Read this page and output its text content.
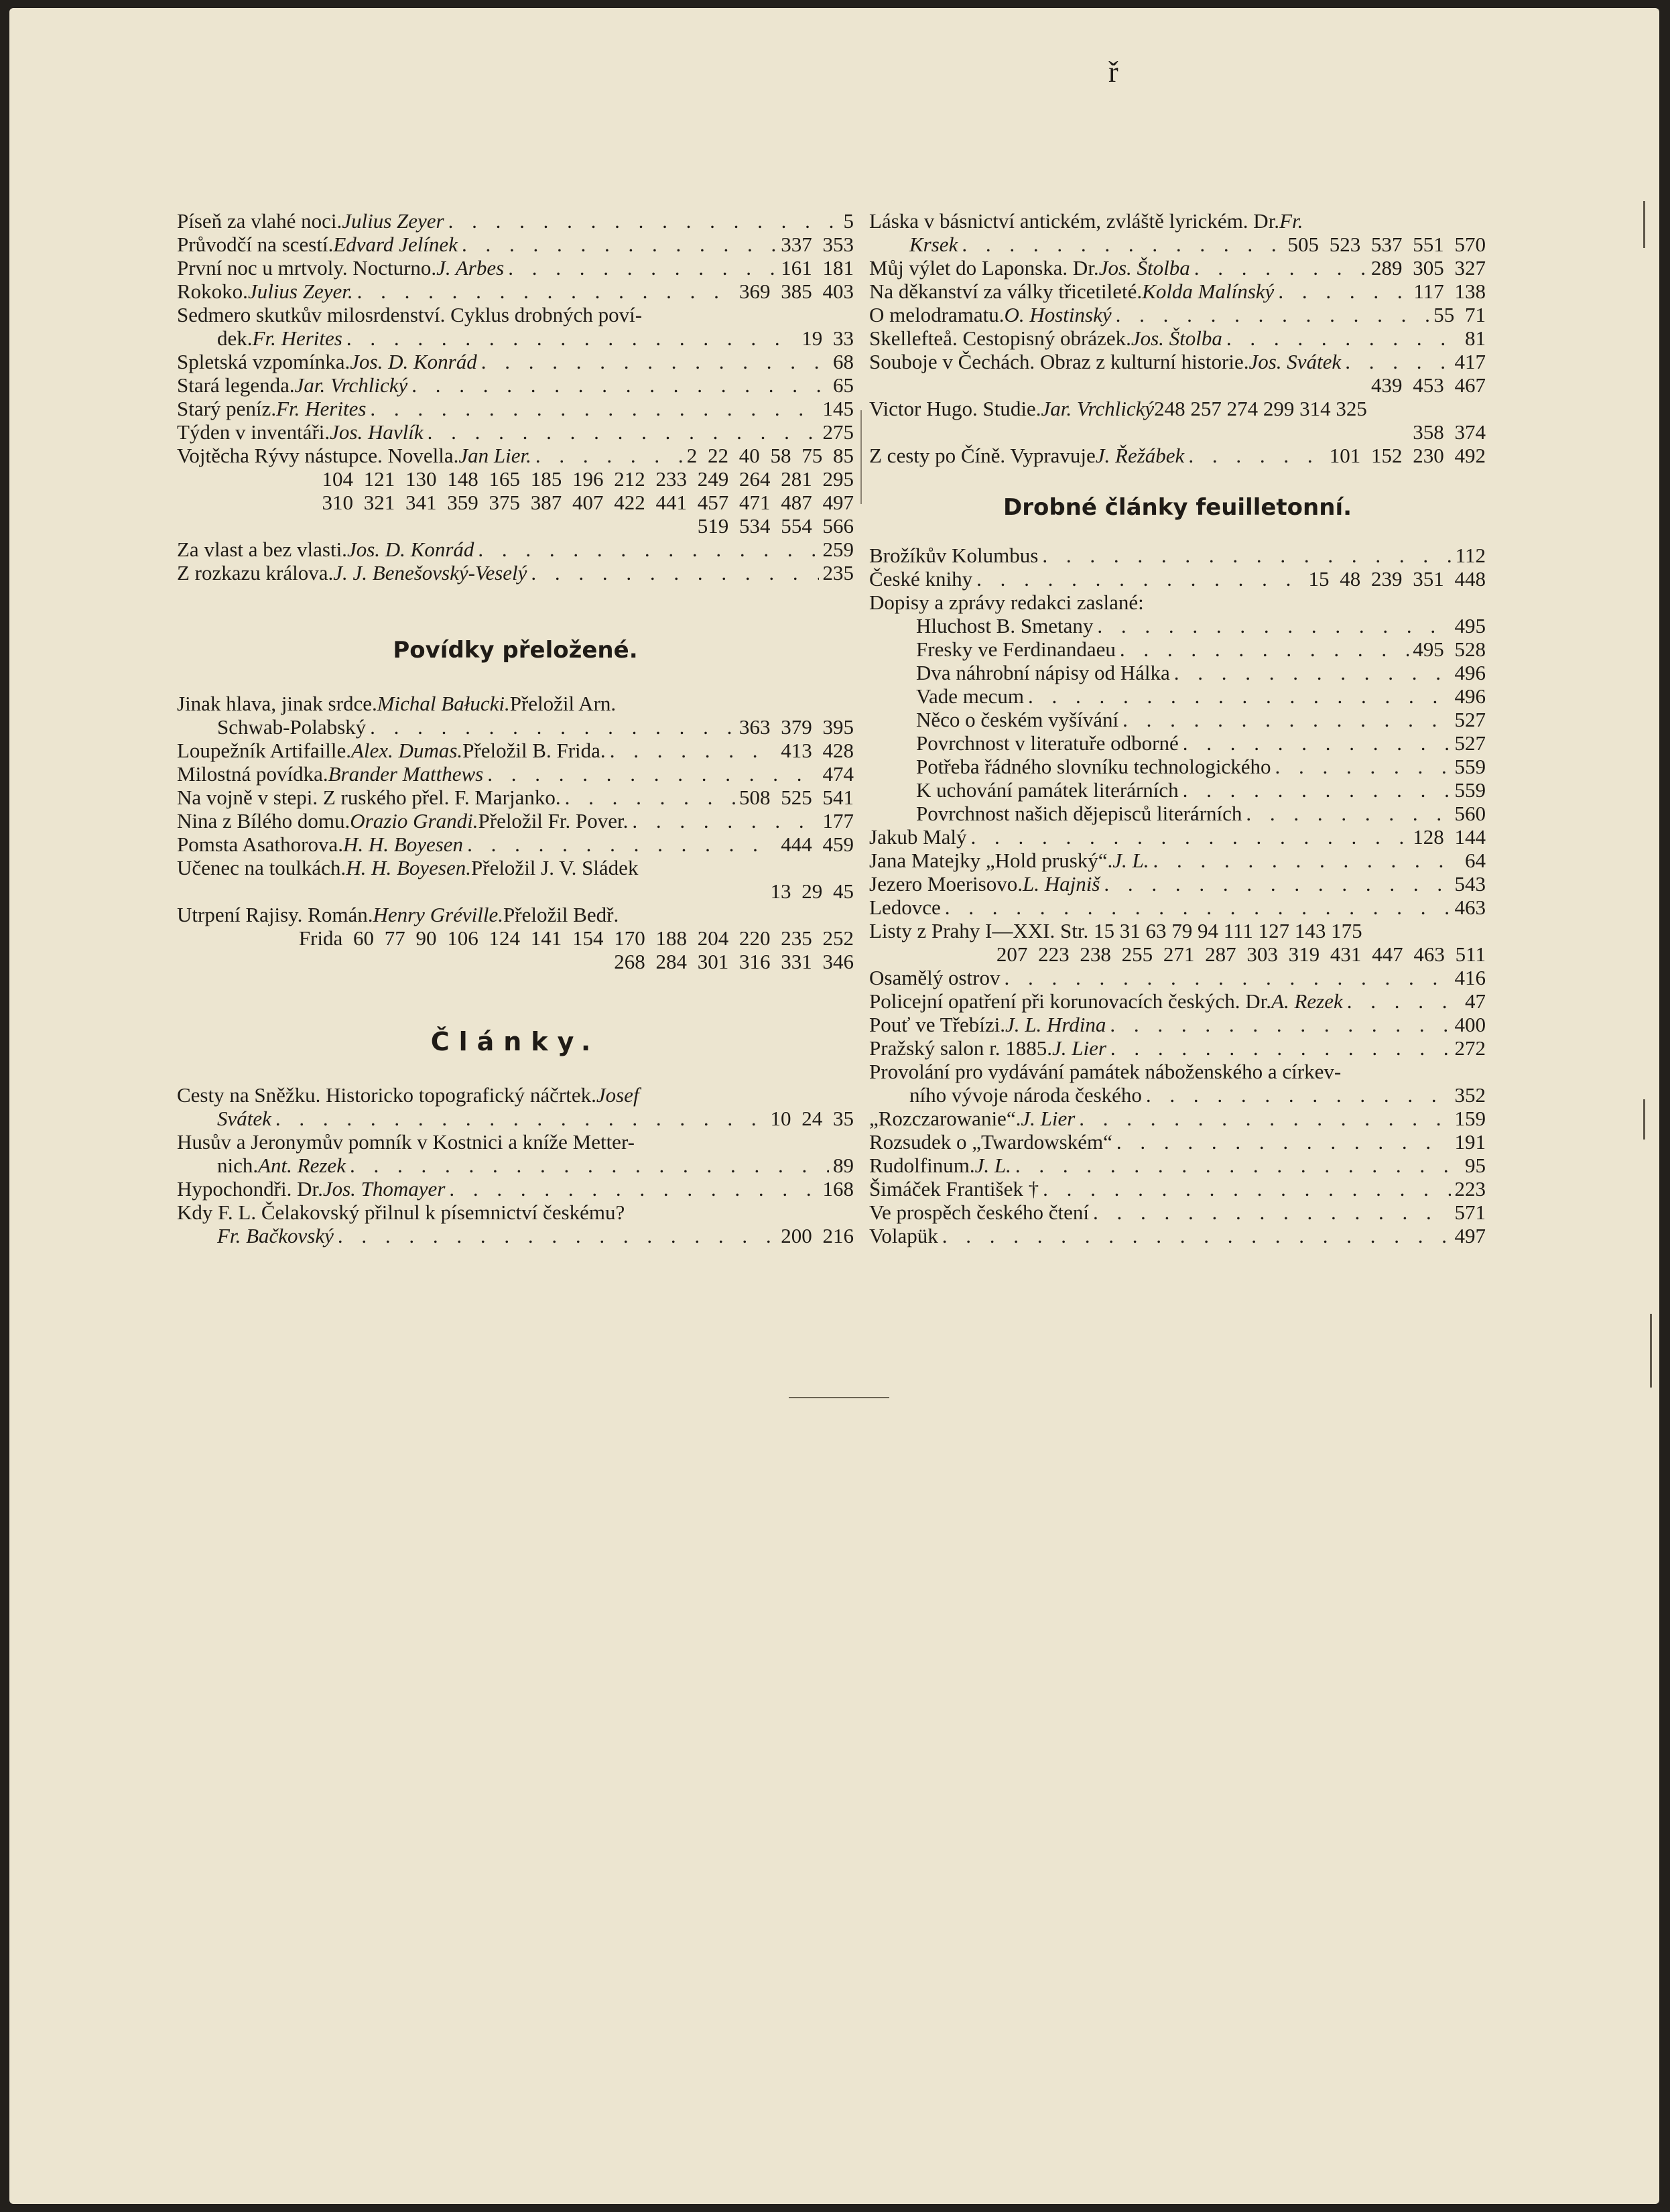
ř
Píseň za vlahé noci. Julius Zeyer . . .	5
Průvodčí na scestí. Edvard Jelínek . . .	337 353
První noc u mrtvoly. Nocturno. J. Arbes . . .	161 181
Rokoko. Julius Zeyer. . . .	369 385 403
Sedmero skutkův milosrdenství. Cyklus drobných poví-
dek. Fr. Herites . . .	19 33
Spletská vzpomínka. Jos. D. Konrád . . .	68
Stará legenda. Jar. Vrchlický . . .	65
Starý peníz. Fr. Herites . . .	145
Týden v inventáři. Jos. Havlík . . .	275
Vojtěcha Rývy nástupce. Novella. Jan Lier. . . .	2 22 40 58 75 85
104 121 130 148 165 185 196 212 233 249 264 281 295
310 321 341 359 375 387 407 422 441 457 471 487 497
519 534 554 566
Za vlast a bez vlasti. Jos. D. Konrád . . .	259
Z rozkazu králova. J. J. Benešovský-Veselý . . .	235
Povídky přeložené.
Jinak hlava, jinak srdce. Michal Bałucki. Přeložil Arn.
Schwab-Polabský . . .	363 379 395
Loupežník Artifaille. Alex. Dumas. Přeložil B. Frida. . . .	413 428
Milostná povídka. Brander Matthews . . .	474
Na vojně v stepi. Z ruského přel. F. Marjanko. . . .	508 525 541
Nina z Bílého domu. Orazio Grandi. Přeložil Fr. Pover. . . .	177
Pomsta Asathorova. H. H. Boyesen . . .	444 459
Učenec na toulkách. H. H. Boyesen. Přeložil J. V. Sládek
13 29 45
Utrpení Rajisy. Román. Henry Gréville. Přeložil Bedř.
Frida 60 77 90 106 124 141 154 170 188 204 220 235 252
268 284 301 316 331 346
Články.
Cesty na Sněžku. Historicko topografický náčrtek. Josef
Svátek . . .	10 24 35
Husův a Jeronymův pomník v Kostnici a kníže Metter-
nich. Ant. Rezek . . .	89
Hypochondři. Dr. Jos. Thomayer . . .	168
Kdy F. L. Čelakovský přilnul k písemnictví českému?
Fr. Bačkovský . . .	200 216
Láska v básnictví antickém, zvláště lyrickém. Dr. Fr.
Krsek . . .	505 523 537 551 570
Můj výlet do Laponska. Dr. Jos. Štolba . . .	289 305 327
Na děkanství za války třicetileté. Kolda Malínský . . .	117 138
O melodramatu. O. Hostinský . . .	55 71
Skellefteå. Cestopisný obrázek. Jos. Štolba . . .	81
Souboje v Čechách. Obraz z kulturní historie. Jos. Svátek . . .	417
439 453 467
Victor Hugo. Studie. Jar. Vrchlický 248 257 274 299 314 325
358 374
Z cesty po Číně. Vypravuje J. Řežábek . . .	101 152 230 492
Drobné články feuilletonní.
Brožíkův Kolumbus . . .	112
České knihy . . .	15 48 239 351 448
Dopisy a zprávy redakci zaslané:
Hluchost B. Smetany . . .	495
Fresky ve Ferdinandaeu . . .	495 528
Dva náhrobní nápisy od Hálka . . .	496
Vade mecum . . .	496
Něco o českém vyšívání . . .	527
Povrchnost v literatuře odborné . . .	527
Potřeba řádného slovníku technologického . . .	559
K uchování památek literárních . . .	559
Povrchnost našich dějepisců literárních . . .	560
Jakub Malý . . .	128 144
Jana Matejky „Hold pruský“. J. L. . . .	64
Jezero Moerisovo. L. Hajniš . . .	543
Ledovce . . .	463
Listy z Prahy I—XXI. Str. 15 31 63 79 94 111 127 143 175
207 223 238 255 271 287 303 319 431 447 463 511
Osamělý ostrov . . .	416
Policejní opatření při korunovacích českých. Dr. A. Rezek . . .	47
Pouť ve Třebízi. J. L. Hrdina . . .	400
Pražský salon r. 1885. J. Lier . . .	272
Provolání pro vydávání památek náboženského a církev-
ního vývoje národa českého . . .	352
„Rozczarowanie“. J. Lier . . .	159
Rozsudek o „Twardowském“ . . .	191
Rudolfinum. J. L. . . .	95
Šimáček František † . . .	223
Ve prospěch českého čtení . . .	571
Volapük . . .	497
